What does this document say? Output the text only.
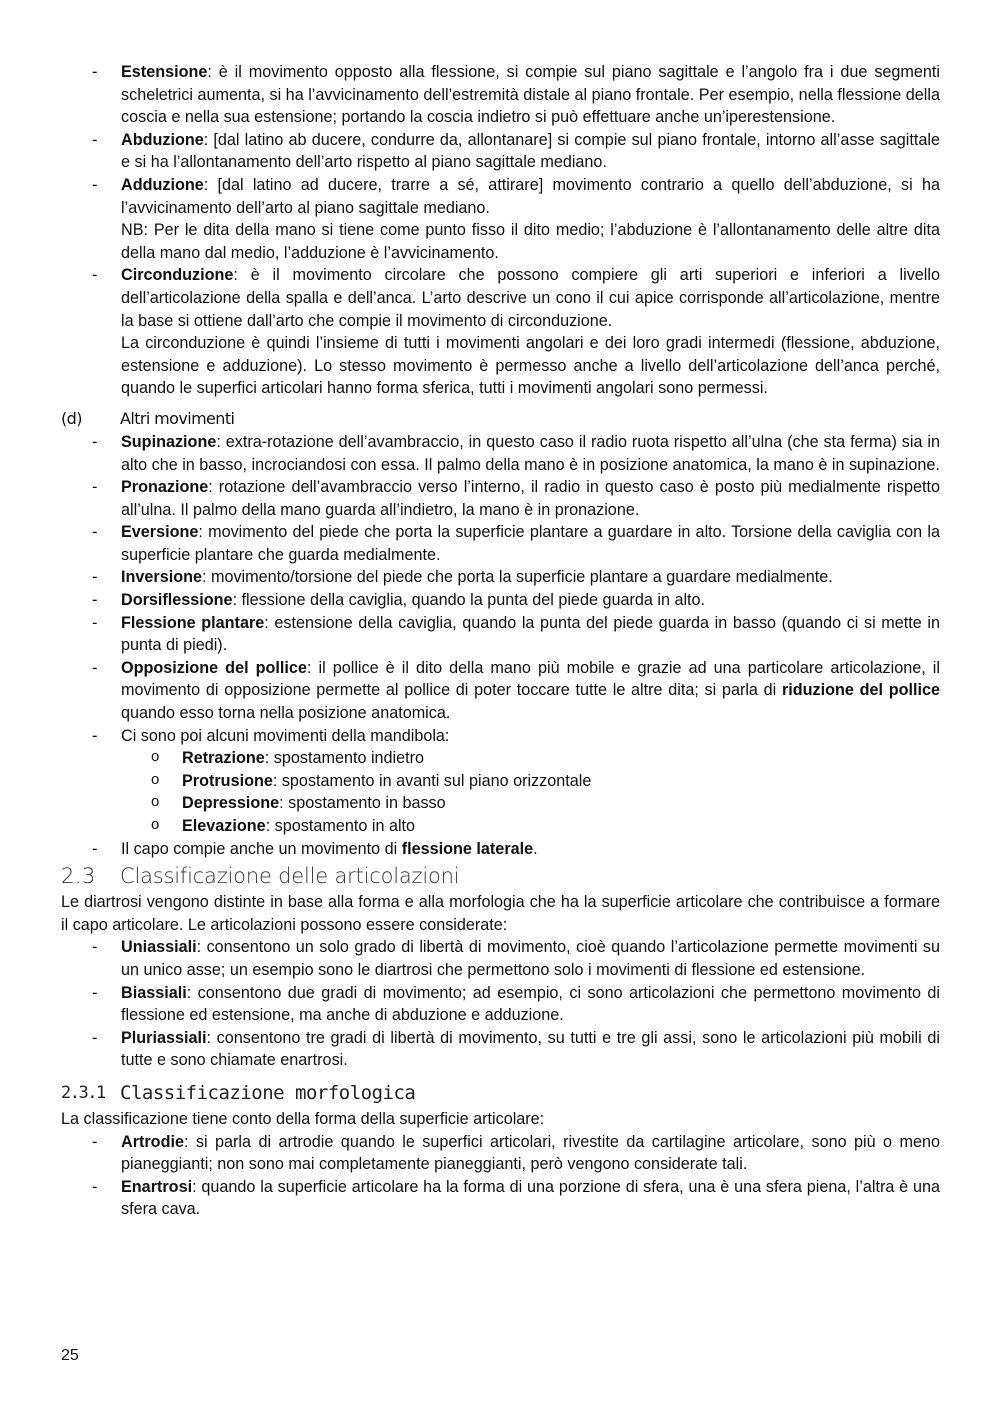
- Estensione: è il movimento opposto alla flessione, si compie sul piano sagittale e l’angolo fra i due segmenti scheletrici aumenta, si ha l’avvicinamento dell’estremità distale al piano frontale. Per esempio, nella flessione della coscia e nella sua estensione; portando la coscia indietro si può effettuare anche un’iperestensione.
- Abduzione: [dal latino ab ducere, condurre da, allontanare] si compie sul piano frontale, intorno all’asse sagittale e si ha l’allontanamento dell’arto rispetto al piano sagittale mediano.

- Adduzione: [dal latino ad ducere, trarre a sé, attirare] movimento contrario a quello dell’abduzione, si ha l’avvicinamento dell’arto al piano sagittale mediano.

NB: Per le dita della mano si tiene come punto fisso il dito medio; l’abduzione è l’allontanamento delle altre dita della mano dal medio, l’adduzione è l’avvicinamento.

- Circonduzione: è il movimento circolare che possono compiere gli arti superiori e inferiori a livello dell’articolazione della spalla e dell’anca. L’arto descrive un cono il cui apice corrisponde all’articolazione, mentre la base si ottiene dall’arto che compie il movimento di circonduzione.

La circonduzione è quindi l’insieme di tutti i movimenti angolari e dei loro gradi intermedi (flessione, abduzione, estensione e adduzione). Lo stesso movimento è permesso anche a livello dell’articolazione dell’anca perché, quando le superfici articolari hanno forma sferica, tutti i movimenti angolari sono permessi.

(d) Altri movimenti
- Supinazione: extra-rotazione dell’avambraccio, in questo caso il radio ruota rispetto all’ulna (che sta ferma) sia in alto che in basso, incrociandosi con essa. Il palmo della mano è in posizione anatomica, la mano è in supinazione.
- Pronazione: rotazione dell’avambraccio verso l’interno, il radio in questo caso è posto più medialmente rispetto all’ulna. Il palmo della mano guarda all’indietro, la mano è in pronazione.
- Eversione: movimento del piede che porta la superficie plantare a guardare in alto. Torsione della caviglia con la superficie plantare che guarda medialmente.
- Inversione: movimento/torsione del piede che porta la superficie plantare a guardare medialmente.
- Dorsiflessione: flessione della caviglia, quando la punta del piede guarda in alto.
- Flessione plantare: estensione della caviglia, quando la punta del piede guarda in basso (quando ci si mette in punta di piedi).
- Opposizione del pollice: il pollice è il dito della mano più mobile e grazie ad una particolare articolazione, il movimento di opposizione permette al pollice di poter toccare tutte le altre dita; si parla di riduzione del pollice quando esso torna nella posizione anatomica.
- Ci sono poi alcuni movimenti della mandibola:
o Retrazione: spostamento indietro
o Protrusione: spostamento in avanti sul piano orizzontale
o Depressione: spostamento in basso
o Elevazione: spostamento in alto
- Il capo compie anche un movimento di flessione laterale.
2.3 Classificazione delle articolazioni

Le diartrosi vengono distinte in base alla forma e alla morfologia che ha la superficie articolare che contribuisce a formare il capo articolare. Le articolazioni possono essere considerate:

- Uniassiali: consentono un solo grado di libertà di movimento, cioè quando l’articolazione permette movimenti su un unico asse; un esempio sono le diartrosi che permettono solo i movimenti di flessione ed estensione.
- Biassiali: consentono due gradi di movimento; ad esempio, ci sono articolazioni che permettono movimento di flessione ed estensione, ma anche di abduzione e adduzione.
- Pluriassiali: consentono tre gradi di libertà di movimento, su tutti e tre gli assi, sono le articolazioni più mobili di tutte e sono chiamate enartrosi.
2.3.1 Classificazione morfologica

La classificazione tiene conto della forma della superficie articolare:

- Artrodie: si parla di artrodie quando le superfici articolari, rivestite da cartilagine articolare, sono più o meno pianeggianti; non sono mai completamente pianeggianti, però vengono considerate tali.
- Enartrosi: quando la superficie articolare ha la forma di una porzione di sfera, una è una sfera piena, l’altra è una sfera cava.
25
